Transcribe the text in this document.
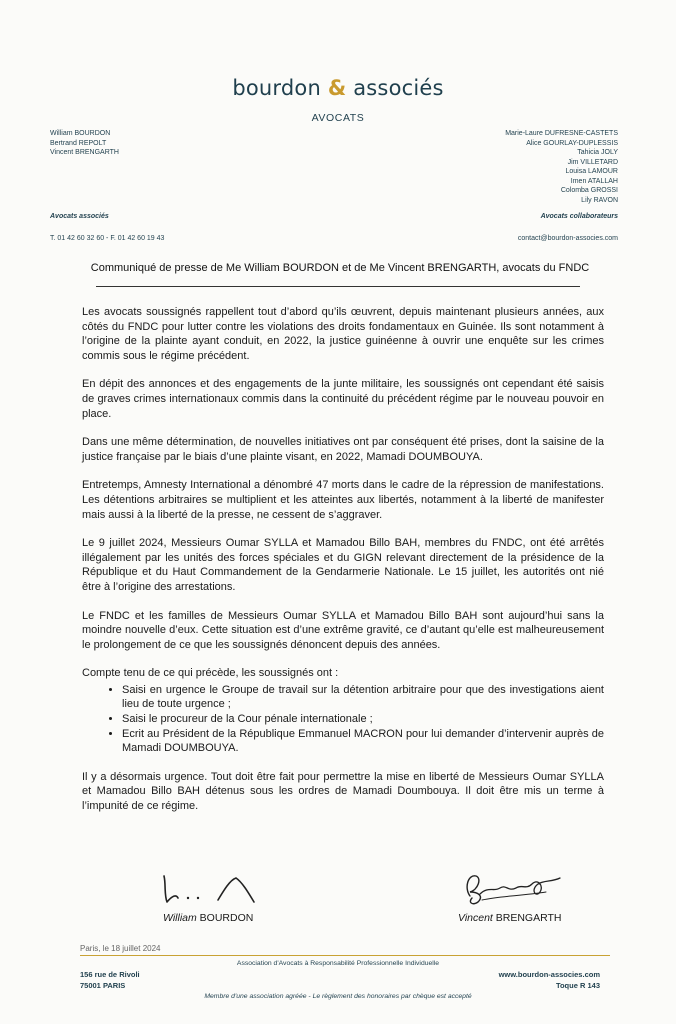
bourdon & associés
AVOCATS
William BOURDON
Bertrand REPOLT
Vincent BRENGARTH
Marie-Laure DUFRESNE-CASTETS
Alice GOURLAY-DUPLESSIS
Tahicia JOLY
Jim VILLETARD
Louisa LAMOUR
Imen ATALLAH
Colomba GROSSI
Lily RAVON
Avocats associés	Avocats collaborateurs
T. 01 42 60 32 60 - F. 01 42 60 19 43	contact@bourdon-associes.com
Communiqué de presse de Me William BOURDON et de Me Vincent BRENGARTH, avocats du FNDC

Les avocats soussignés rappellent tout d’abord qu’ils œuvrent, depuis maintenant plusieurs années, aux côtés du FNDC pour lutter contre les violations des droits fondamentaux en Guinée. Ils sont notamment à l’origine de la plainte ayant conduit, en 2022, la justice guinéenne à ouvrir une enquête sur les crimes commis sous le régime précédent.

En dépit des annonces et des engagements de la junte militaire, les soussignés ont cependant été saisis de graves crimes internationaux commis dans la continuité du précédent régime par le nouveau pouvoir en place.

Dans une même détermination, de nouvelles initiatives ont par conséquent été prises, dont la saisine de la justice française par le biais d’une plainte visant, en 2022, Mamadi DOUMBOUYA.

Entretemps, Amnesty International a dénombré 47 morts dans le cadre de la répression de manifestations. Les détentions arbitraires se multiplient et les atteintes aux libertés, notamment à la liberté de manifester mais aussi à la liberté de la presse, ne cessent de s’aggraver.

Le 9 juillet 2024, Messieurs Oumar SYLLA et Mamadou Billo BAH, membres du FNDC, ont été arrêtés illégalement par les unités des forces spéciales et du GIGN relevant directement de la présidence de la République et du Haut Commandement de la Gendarmerie Nationale. Le 15 juillet, les autorités ont nié être à l’origine des arrestations.

Le FNDC et les familles de Messieurs Oumar SYLLA et Mamadou Billo BAH sont aujourd’hui sans la moindre nouvelle d’eux. Cette situation est d’une extrême gravité, ce d’autant qu’elle est malheureusement le prolongement de ce que les soussignés dénoncent depuis des années.

Compte tenu de ce qui précède, les soussignés ont :

• Saisi en urgence le Groupe de travail sur la détention arbitraire pour que des investigations aient lieu de toute urgence ;
• Saisi le procureur de la Cour pénale internationale ;
• Ecrit au Président de la République Emmanuel MACRON pour lui demander d’intervenir auprès de Mamadi DOUMBOUYA.

Il y a désormais urgence. Tout doit être fait pour permettre la mise en liberté de Messieurs Oumar SYLLA et Mamadou Billo BAH détenus sous les ordres de Mamadi Doumbouya. Il doit être mis un terme à l’impunité de ce régime.

William BOURDON	Vincent BRENGARTH
Paris, le 18 juillet 2024
Association d'Avocats à Responsabilité Professionnelle Individuelle
156 rue de Rivoli
75001 PARIS
www.bourdon-associes.com
Toque R 143
Membre d'une association agréée - Le règlement des honoraires par chèque est accepté
